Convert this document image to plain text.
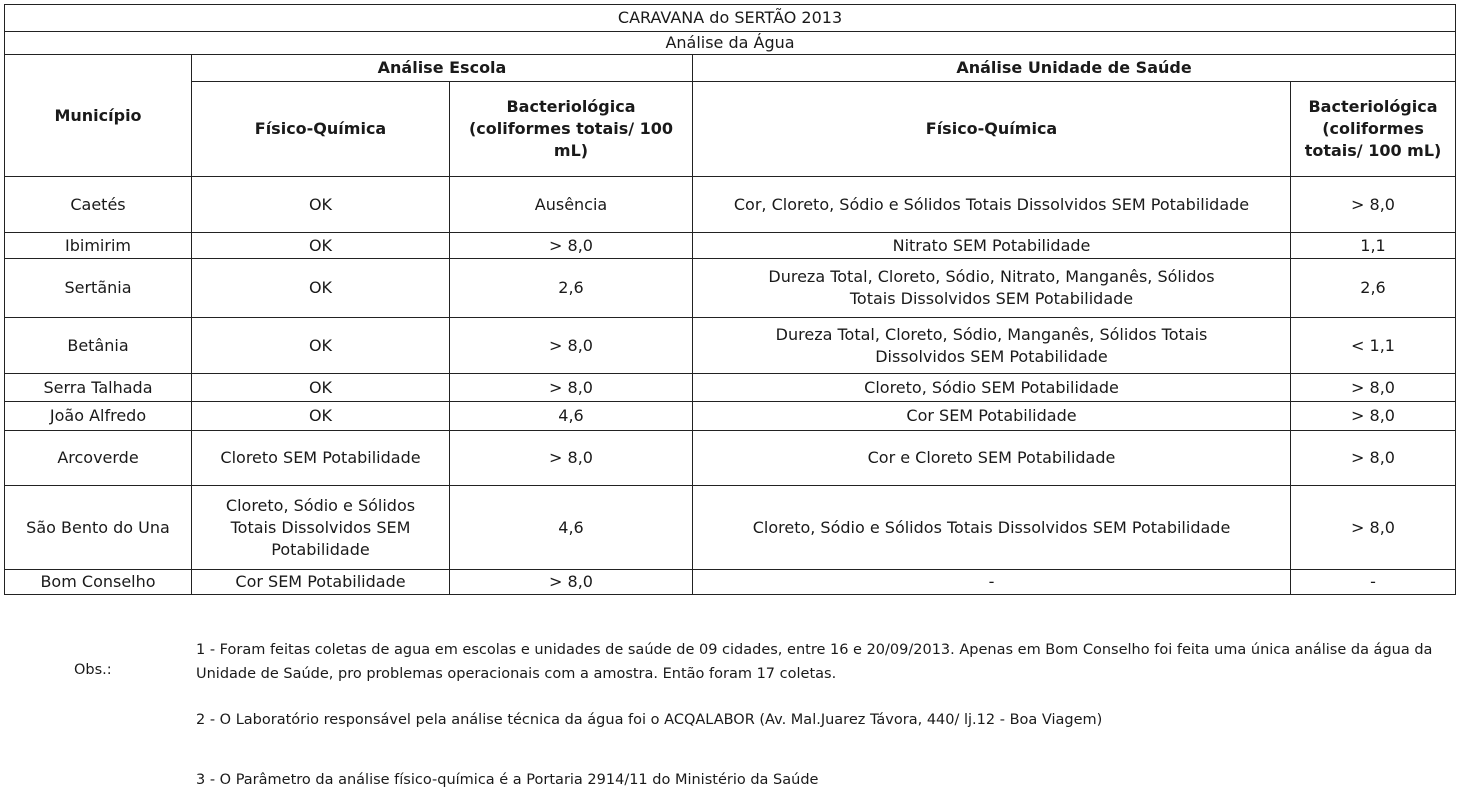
CARAVANA do SERTÃO 2013				
Análise da Água				
Município	Análise Escola		Análise Unidade de Saúde	
	Físico-Química	Bacteriológica (coliformes totais/ 100 mL)	Físico-Química	Bacteriológica (coliformes totais/ 100 mL)
Caetés	OK	Ausência	Cor, Cloreto, Sódio e Sólidos Totais Dissolvidos SEM Potabilidade	> 8,0
Ibimirim	OK	> 8,0	Nitrato SEM Potabilidade	1,1
Sertãnia	OK	2,6	Dureza Total, Cloreto, Sódio, Nitrato, Manganês, Sólidos Totais Dissolvidos SEM Potabilidade	2,6
Betânia	OK	> 8,0	Dureza Total, Cloreto, Sódio, Manganês, Sólidos Totais Dissolvidos SEM Potabilidade	< 1,1
Serra Talhada	OK	> 8,0	Cloreto, Sódio SEM Potabilidade	> 8,0
João Alfredo	OK	4,6	Cor SEM Potabilidade	> 8,0
Arcoverde	Cloreto SEM Potabilidade	> 8,0	Cor e Cloreto SEM Potabilidade	> 8,0
São Bento do Una	Cloreto, Sódio e Sólidos Totais Dissolvidos SEM Potabilidade	4,6	Cloreto, Sódio e Sólidos Totais Dissolvidos SEM Potabilidade	> 8,0
Bom Conselho	Cor SEM Potabilidade	> 8,0	-	-
Obs.:
1 - Foram feitas coletas de agua em escolas e unidades de saúde de 09 cidades, entre 16 e 20/09/2013. Apenas em Bom Conselho foi feita uma única análise da água da Unidade de Saúde, pro problemas operacionais com a amostra. Então foram 17 coletas.
2 - O Laboratório responsável pela análise técnica da água foi o ACQALABOR (Av. Mal.Juarez Távora, 440/ lj.12 - Boa Viagem)
3 - O Parâmetro da análise físico-química é a Portaria 2914/11 do Ministério da Saúde
